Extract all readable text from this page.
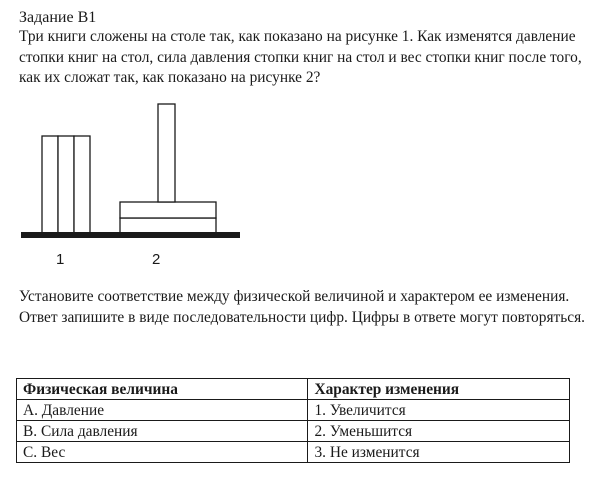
Задание В1

Три книги сложены на столе так, как показано на рисунке 1. Как изменятся давление стопки книг на стол, сила давления стопки книг на стол и вес стопки книг после того, как их сложат так, как показано на рисунке 2?

1	2

Установите соответствие между физической величиной и характером ее изменения.

Ответ запишите в виде последовательности цифр. Цифры в ответе могут повторяться.

Физическая величина	Характер изменения
А. Давление	1. Увеличится
В. Сила давления	2. Уменьшится
С. Вес	3. Не изменится
